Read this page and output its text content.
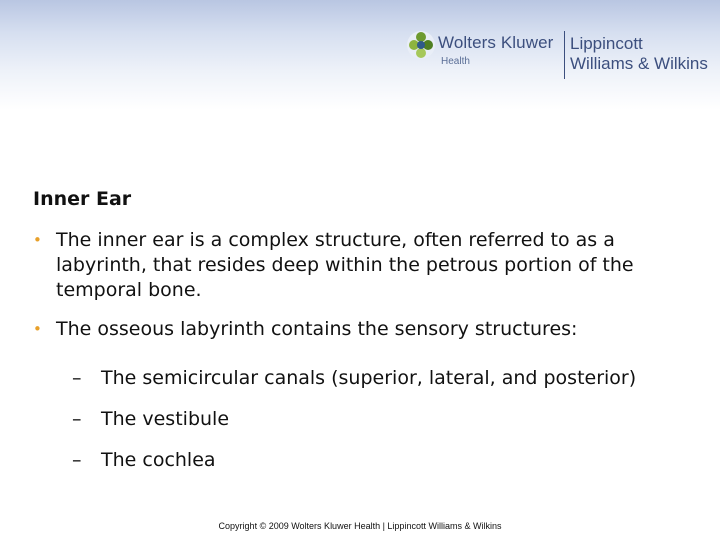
Wolters Kluwer
Health
Lippincott
Williams & Wilkins
Inner Ear
• The inner ear is a complex structure, often referred to as a labyrinth, that resides deep within the petrous portion of the temporal bone.
• The osseous labyrinth contains the sensory structures:
– The semicircular canals (superior, lateral, and posterior)
– The vestibule
– The cochlea
Copyright © 2009 Wolters Kluwer Health | Lippincott Williams & Wilkins
